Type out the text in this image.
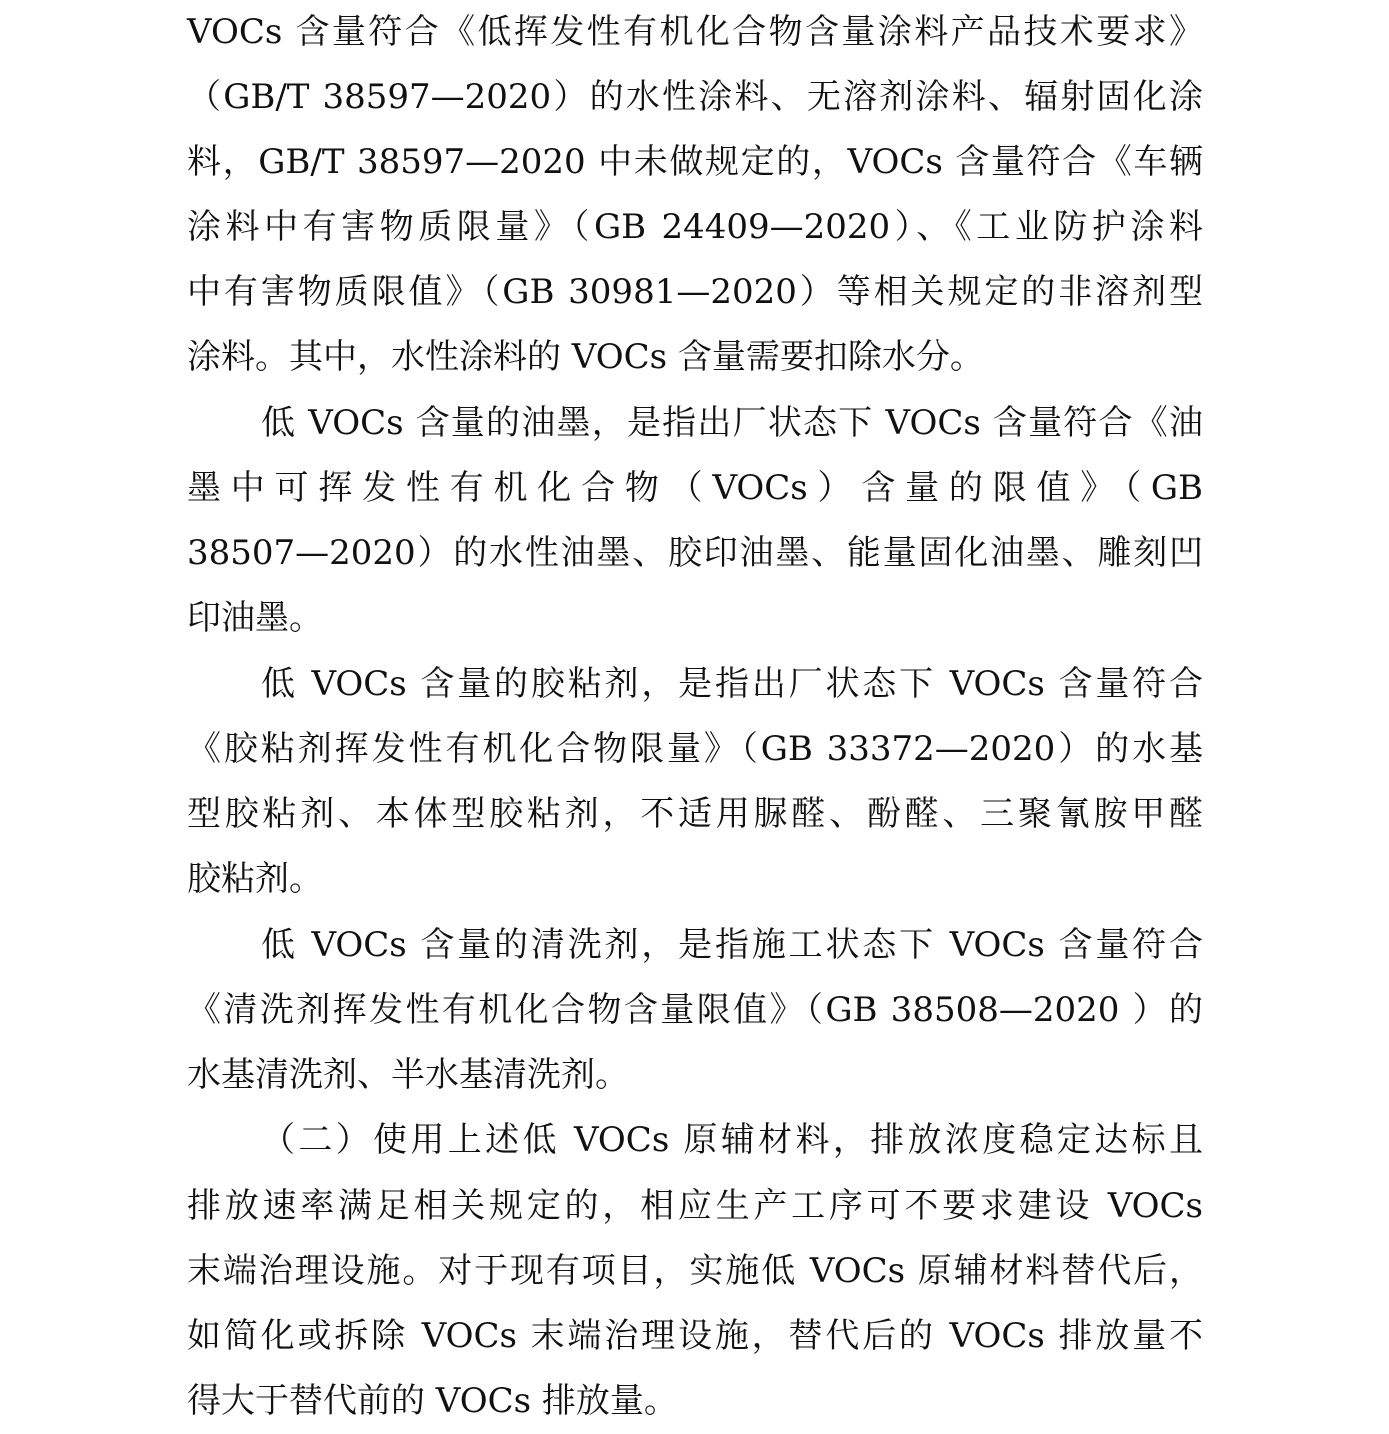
VOCs 含量符合《低挥发性有机化合物含量涂料产品技术要求》
（GB/T 38597—2020）的水性涂料、无溶剂涂料、辐射固化涂
料，GB/T 38597—2020 中未做规定的，VOCs 含量符合《车辆
涂料中有害物质限量》（GB 24409—2020）、《工业防护涂料
中有害物质限值》（GB 30981—2020）等相关规定的非溶剂型
涂料。其中，水性涂料的 VOCs 含量需要扣除水分。
低 VOCs 含量的油墨，是指出厂状态下 VOCs 含量符合《油
墨中可挥发性有机化合物（VOCs）含量的限值》（GB
38507—2020）的水性油墨、胶印油墨、能量固化油墨、雕刻凹
印油墨。
低 VOCs 含量的胶粘剂，是指出厂状态下 VOCs 含量符合
《胶粘剂挥发性有机化合物限量》（GB 33372—2020）的水基
型胶粘剂、本体型胶粘剂，不适用脲醛、酚醛、三聚氰胺甲醛
胶粘剂。
低 VOCs 含量的清洗剂，是指施工状态下 VOCs 含量符合
《清洗剂挥发性有机化合物含量限值》（GB 38508—2020 ）的
水基清洗剂、半水基清洗剂。
（二）使用上述低 VOCs 原辅材料，排放浓度稳定达标且
排放速率满足相关规定的，相应生产工序可不要求建设 VOCs
末端治理设施。对于现有项目，实施低 VOCs 原辅材料替代后，
如简化或拆除 VOCs 末端治理设施，替代后的 VOCs 排放量不
得大于替代前的 VOCs 排放量。
